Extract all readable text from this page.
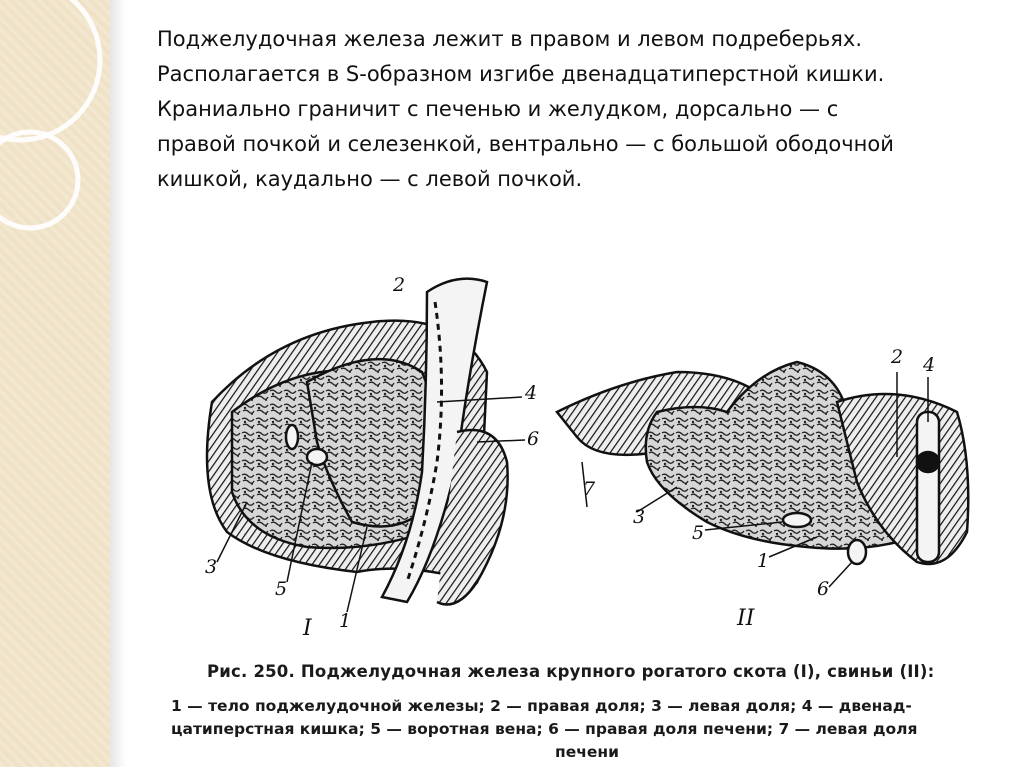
Поджелудочная железа лежит в правом и левом подреберьях.
Располагается в S-образном изгибе двенадцатиперстной кишки.
Краниально граничит с печенью и желудком, дорсально — с
правой почкой и селезенкой, вентрально — с большой ободочной
кишкой, каудально — с левой почкой.
2
4
6
3
5
1
I
2 4
7
3
5
1
6
II
Рис. 250. Поджелудочная железа крупного рогатого скота (I), свиньи (II):
1 — тело поджелудочной железы; 2 — правая доля; 3 — левая доля; 4 — двенад-
цатиперстная кишка; 5 — воротная вена; 6 — правая доля печени; 7 — левая доля
печени
